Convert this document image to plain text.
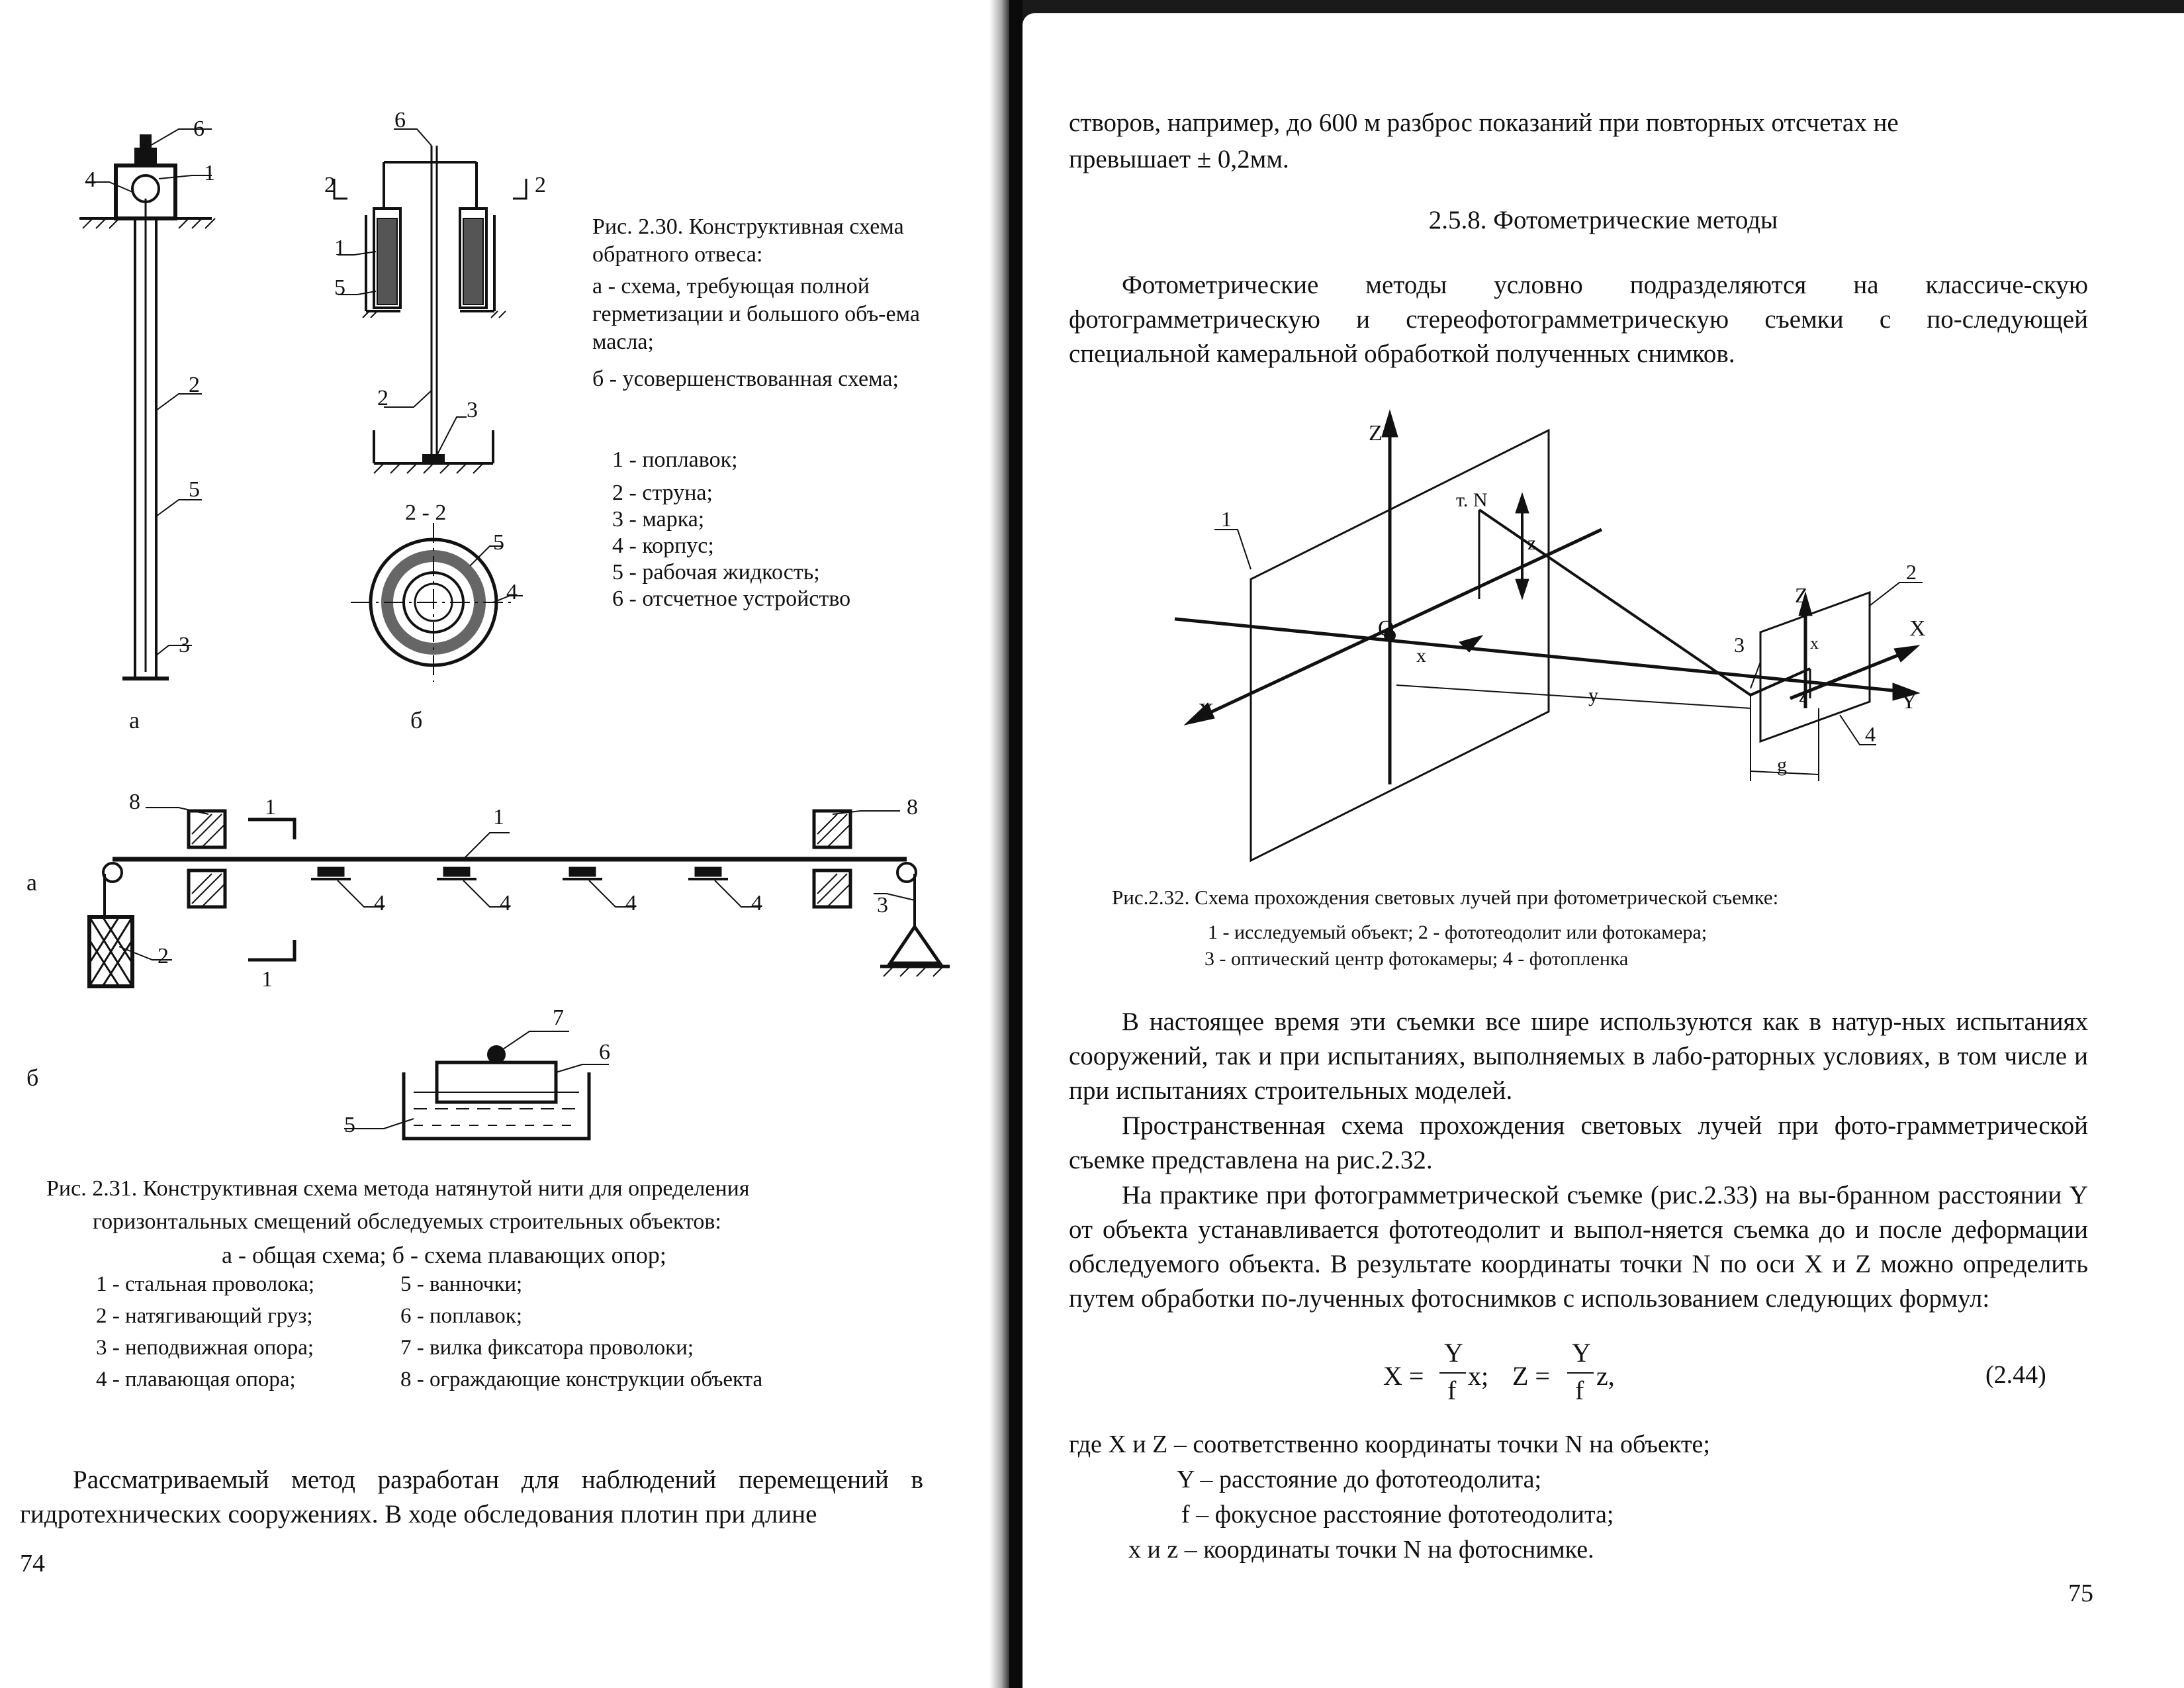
6
1
4
2
5
3
а
6
2	2
1
5
2	3
2 - 2
5
4
б
Рис. 2.30. Конструктивная схема обратного отвеса:
а - схема, требующая полной герметизации и большого объ-ема масла;
б - усовершенствованная схема;
1 - поплавок;
2 - струна;
3 - марка;
4 - корпус;
5 - рабочая жидкость;
6 - отсчетное устройство
а
б
4	4	4	4
1
1
1
8	8
2
3
7
6
5
Рис. 2.31. Конструктивная схема метода натянутой нити для определения
горизонтальных смещений обследуемых строительных объектов:
а - общая схема; б - схема плавающих опор;
1 - стальная проволока;
2 - натягивающий груз;
3 - неподвижная опора;
4 - плавающая опора;
5 - ванночки;
6 - поплавок;
7 - вилка фиксатора проволоки;
8 - ограждающие конструкции объекта
Рассматриваемый метод разработан для наблюдений перемещений в гидротехнических сооружениях. В ходе обследования плотин при длине
74
створов, например, до 600 м разброс показаний при повторных отсчетах не
превышает ± 0,2мм.
2.5.8. Фотометрические методы
Фотометрические методы условно подразделяются на классиче-скую фотограмметрическую и стереофотограмметрическую съемки с по-следующей специальной камеральной обработкой полученных снимков.
Z
X
X
Y
Z
O
т. N
z
x
y
g
x
z
1
2
3
4
Рис.2.32. Схема прохождения световых лучей при фотометрической съемке:
1 - исследуемый объект; 2 - фототеодолит или фотокамера;
3 - оптический центр фотокамеры; 4 - фотопленка
В настоящее время эти съемки все шире используются как в натур-ных испытаниях сооружений, так и при испытаниях, выполняемых в лабо-раторных условиях, в том числе и при испытаниях строительных моделей.
Пространственная схема прохождения световых лучей при фото-грамметрической съемке представлена на рис.2.32.
На практике при фотограмметрической съемке (рис.2.33) на вы-бранном расстоянии Y от объекта устанавливается фототеодолит и выпол-няется съемка до и после деформации обследуемого объекта. В результате координаты точки N по оси X и Z можно определить путем обработки по-лученных фотоснимков с использованием следующих формул:
X =
Y
f x; Z =
Y
f z,	(2.44)
где X и Z – соответственно координаты точки N на объекте;
Y – расстояние до фототеодолита;
f – фокусное расстояние фототеодолита;
x и z – координаты точки N на фотоснимке.
75
